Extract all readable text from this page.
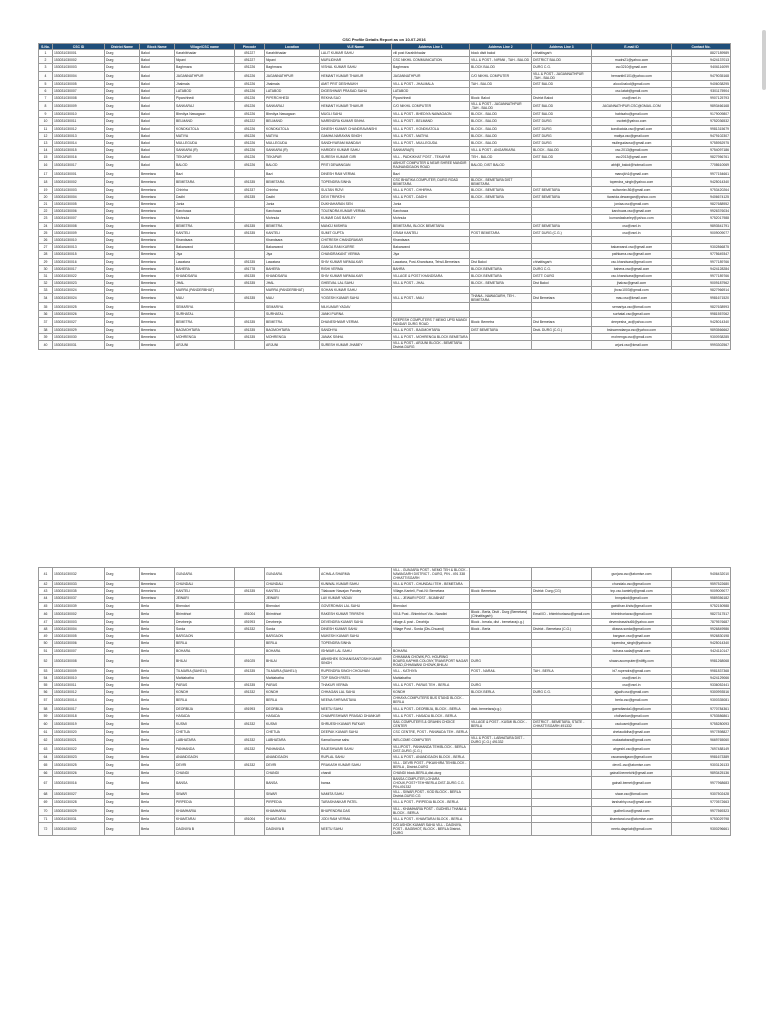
CSC Profile Details Report as on 10-07-2016
S.No.	CSC ID	District Name	Block Name	Village/CSC name	Pincode	Location	VLE Name	Address Line 1	Address Line 2	Address Line 3	E-mail ID	Contact No.
1	153031030001	Durg	Balod	Karahibhadar	491227	Karahibhadar	LALIT KUMAR SAHU	vill post Karahibhadar	block distt balod	chhattisgarh		8827189989
2	153031030002	Durg	Balod	Nipani	491227	Nipani	MURLIDHAR	CSC NIKHIL COMMUNICATION	VILL & POST - NIPANI , TAH - BALOD	DISTRICT BALOD	mudrs21@yahoo.com	9424137013
3	153031030003	Durg	Balod	Baghmara	491226	Baghmara	VISHAL KUMAR SAHU	Baghmara	BLOCK BALOD	DURG C.G.	csc3210@gmail.com	9406116099
4	153031030004	Durg	Balod	JAGANNATHPUR	491226	JAGANNATHPUR	HEMANT KUMAR THAKUR	JAGANNATHPUR	C/O NIKHIL COMPUTER	VILL & POST - JAGANNATHPUR ,TAH - BALOD	hemanth0101@yahoo.com	9479035168
5	153031030005	Durg	Balod	Jhalmala	491226	Jhalmala	AMIT PRIT DESHMUKH	VILL & POST - JHALMALA	TAH - BALOD	DIST BALOD	alood.balod@gmail.com	9406038295
6	153031030007	Durg	Balod	LATABOD	491226	LATABOD	DIGESHWAR PRASAD SAHU	LATABOD			csc.latab@gmail.com	9301175904
7	153031030008	Durg	Balod	Piparchhedi	491226	PIPERCHHEDI	REKHA SAO	Piparchhedi	Block: Balod	District Balod	csc@vsnl.in	9907125793
8	153031030009	Durg	Balod	SANKARAJ	491226	SANKARAJ	HEMANT KUMAR THAKUR	C/O NIKHIL COMPUTER	VILL & POST - JAGANNATHPUR ,TAH - BALOD	DIST BALOD	JAGANNATHPUR.CSC@GMAIL.COM	9893466168
9	153031030010	Durg	Balod	Bhediya Nawagaon	491226	Bhediya Nawagaon	MUGLI SAHU	VILL & POST - BHEDIYA NAWAGAON	BLOCK - BALOD	DIST BALOD	habisahu@gmail.com	9179009807
10	153031030011	Durg	Balod	BELMAND	491222	BELMAND	NARENDRA KUMAR SINHA	VILL & POST - BELMAND	BLOCK - BALOD	DIST DURG	cscbel@yahoo.com	9752036532
11	153031030012	Durg	Balod	KONDKATOLA	491226	KONDKATOLA	DINESH KUMAR CHANDRAVANSHI	VILL & POST - KONDKATOLA	BLOCK - BALOD	DIST DURG	kondkatola.csc@gmail.com	9981315679
12	153031030013	Durg	Balod	MATIYA	491226	MATIYA	GAMHA NARAYAN SINGH	VILL & POST - MATIYA	BLOCK - BALOD	DIST DURG	matiya.csc@gmail.com	9479102307
13	153031030014	Durg	Balod	MULLEGUDA	491226	MULLEGUDA	SANDHYARAM MANDAVI	VILL & POST - MULLEGUDA	BLOCK - BALOD	DIST DURG	mullegudacsc@gmail.com	9755952975
14	153031030015	Durg	Balod	SANKARA (R)	491226	SANKARA (R)	HARIDEV KUMAR SAHU	SANKARA(R)	VILL & POST - ANGARKARA	BLOCK - BALOD	csc.2013@gmail.com	9754097186
15	153031030016	Durg	Balod	TEKAPAR	491226	TEKAPAR	SURESH KUMAR GIRI	VILL - PADKIKHAT POST - TEKAPAR	TEH - BALOD	DIST BALOD	csc2013@gmail.com	9827956761
16	153031030017	Durg	Balod	BALOD	491226	BALOD	PRITI DEWANGAN	ABHIJIT COMPUTER & NEAR SHREE MANDIR RAJNANDGAON ROAD	BALOD, DIST BALOD		abhijit_balod@hotmail.com	7708610069
17	153031030001	Durg	Bemetara	Bazi		Bazi	DINESH RAM VERMA	Bazi			manojkh1@gmail.com	9977154661
18	153031030002	Durg	Bemetara	BEMETARA	491335	BEMETARA	TOPENDRA SINHA	CSC BHATIKA COMPUTER, DURG ROAD BEMETARA	BLOCK - BEMETARA DIST BEMETARA		topendra_singh@yahoo.com	9425014340
19	153031030003	Durg	Bemetara	Chhirha	491337	Chhirha	SULTAN RIZVI	VILL & POST - CHHIRHA	BLOCK - BEMETARA	DIST BEMETARA	sultanrizv.86@gmail.com	9753420264
20	153031030004	Durg	Bemetara	Dadhi	491335	Dadhi	DEVI TRIPATHI	VILL & POST - DADHI	BLOCK - BEMETARA	DIST BEMETARA	tiwarida.dewangan@yahoo.com	9406674125
21	153031030005	Durg	Bemetara	Jonia		Jonia	DUKHAHARAN SEN	Jonia			joniaa.csc@gmail.com	9827688952
22	153031030006	Durg	Bemetara	Karchuwa		Karchuwa	TOLENDRA KUMAR VERMA	Karchuwa			karchuwa.csc@gmail.com	9926376034
23	153031030007	Durg	Bemetara	Mohnula		Mohnula	KUMAR DAS BARLEY	Mohnula			kumardasbarley@yahoo.com	9752017988
24	153031030008	Durg	Bemetara	BEMETRA	491335	BEMETRA	MANOJ MISHRA	BEMETARA, BLOCK BEMETARA		DIST BEMETARA	csc@vsnl.in	9893541791
25	153031030009	Durg	Bemetara	KANTELI	491335	KANTELI	SUMIT GUPTA	GRAM KANTELI	POST BEMETARA	DIST DURG (C.G.)	csc@vsnl.in	9009009077
26	153031030010	Durg	Bemetara	Khandsara		Khandsara	CHITRESH CHANDRAKAR	Khandsara				
27	153031030013	Durg	Bemetara	Bakarwand		Bakarwand	GANGA RAM KURRE	Bakarwand			bakarwand.csc@gmail.com	9302866875
28	153031030015	Durg	Bemetara	Jiya		Jiya	CHANDRAKANT VERMA	Jiya			pathkarra.csc@gmail.com	9775649347
29	153031030016	Durg	Bemetara	Lawatara	491335	Lawatara	SHIV KUMAR NIRMALKAR	Lawatara, Post-Khandsara, Tehsil-Bemetara	Dist Balod	chhattisgarh	csc.khandsara@gmail.com	9977189766
30	153031030017	Durg	Bemetara	BAHERA	491778	BAHERA	RISHI VERMA	BAHRA	BLOCK BEMETARA	DURG C.G.	bahera.csc@gmail.com	9424128284
31	153031030022	Durg	Bemetara	KHANDSARA	491335	KHANDSARA	SHIV KUMAR NIRMALKAR	VILLAGE & POST KHANDSARA	BLOCK BEMETARA	DISTT: DURG	csc.khandsara@gmail.com	9977189766
32	153031030023	Durg	Bemetara	JHAL	491335	JHAL	GHEEVAL LAL SAHU	VILL & POST - JHAL	BLOCK - BEMETARA	Dist Balod	jhalcsc@gmail.com	9009187962
33	153031030024	Durg	Bemetara	MARRA (PANDERBHAT)		MARRA (PANDERBHAT)	SOHAN KUMAR SAHU				jbcsc1003@gmail.com	9827966914
34	153031030024	Durg	Bemetara	MAU	491335	MAU	YOGESH KUMAR SAHU	VILL & POST - MAU	THANA - NAWAGARH, TEH - BEMETARA	Dist Bemetara	mau.csc@kmail.com	9981671520
35	153031030025	Durg	Bemetara	SEMARIYA		SEMARIYA	NILKUMAR YADAV				semariya.csc@kmail.com	9827638993
36	153031030026	Durg	Bemetara	SURHATAL		SURHATAL	JANKI PURNA				surhatal.csc@gmail.com	9981557062
37	153031030027	Durg	Bemetara	BEMETRA	491335	BEMETRA	DHANESHWAR VERMA	DEEPESH COMPUTERS 7 MEMO UPSI MANDI PANDAR DURG ROAD	Block: Bemetra	Dist Bemetara	deepesha_ac@yahoo.com	9425014340
38	153031030029	Durg	Bemetara	BAGMOHTARA	491335	BAGMOHTARA	SANDHYA	VILL & POST - BAGMOHTARA	DIST BEMETARA	Distt- DURG (C.G.)	bsksamndanya.csc@yahoo.com	9893566662
39	153031030030	Durg	Bemetara	MOHRENGA	491335	MOHRENGA	JANAK SINHA	VILL & POST - MOHRENGA BLOCK BEMETARA			mohrenga.csc@gmail.com	9300938285
40	153031030031	Durg	Bemetara	ARJUNI		ARJUNI	SURESH KUMAR JHABEY	VILL & POST - ARJUNI BLOCK - BEMETARA District-DURG			arjuni.csc@kmail.com	9993302567
41	153031030032	Durg	Bemetara	GUNJARA		GUNJARA	ACHALA SHARMA	VILL - GUNJARA POST - NEMO TEH & BLOCK - NAWAGARH DISTRICT - DURG, PIN - 491 338 CHHATTISGARH			gunjara.csc@atomise.com	9406432010
42	153031030033	Durg	Bemetara	CHUNDALI		CHUNDALI	KUNWAL KUMAR SAHU	VILL & POST - CHUNDALI TEH - BEMETARA			chundalu.csc@gmail.com	9597522680
43	153031030035	Durg	Bemetara	KANTELI	491335	KANTELI	Tilakuwar Navajan Pandey	Village-Kanteli, Post-Ni: Bemetara	Block: Bemetara	District: Durg (CG)	tnp.csc.kanteliy@gmail.com	9009009077
44	153031030037	Durg	Bemetara	JEWARI		JEWARI	LAV KUMAR YADAV	VILL - JEWARI POST - BIJABHAT			bnnpalod@gmail.com	9589356182
45	153031030039	Durg	Berla	Bhendari		Bhendari	GOVERDHAN LAL SAHU	Bhendari			gaeidhan.khds@gmail.com	9752150988
46	153031030002	Durg	Berla	Bhimbhori	491004	Bhimbhori	RAKESH KUMAR TRIPATHI	Vill & Post - Bhimbhori Via - Nandini	Block - Berla, Distt - Durg (Bemetara) (Chhattisgarh)	Email ID - bhimbhoriacsc@gmail.com	bhimbhoriacsc@gmail.com	9827317517
47	153031030003	Durg	Berla	Devrbeeja	491993	Devrbeeja	DEVENDRA KUMAR SAHU	village & post - Deorbija	Block - berala, dist - bemetara(c.g.)		devendrasahu66@yahoo.com	7879576687
48	153031030004	Durg	Berla	Sorda	491332	Sorda	DINESH KUMAR SAHU	Village Post - Sorda (Dis-Chuand)	Block - Berla	District - Bemetara (C.G.)	dkssss.sorda@gmail.com	9926849986
49	153031030005	Durg	Berla	BARGAON		BARGAON	MUKESH KUMAR SAHU				bargaon.csc@gmail.com	9926830198
50	153031030006	Durg	Berla	BERLA		BERLA	TOPENDRA SINHA				topendra_singh@yahoo.in	9425014340
51	153031030007	Durg	Berla	BOHARA		BOHARA	ISHWAR LAL SAHU	BOHARA			bohara.sada@gmail.com	9424110147
52	153031030008	Durg	Berla	BHILAI	491025	BHILAI	ABHISHEK SOHAN/SANTOSH KUMAR SINGH	CHHAMAN CHOWK,PO- HOURING BOARD,KAPHIB COLONY,TRANSPORT NAGAR ROAD,CHHAWANI CHOWK,BHILAI	DURG		shaan.acomputer@rdiffg.com	9981268068
53	153031030009	Durg	Berla	TILMARIA (BAHELI)	491335	TILMARIA (BAHELI)	RUPENDRA SINGH CHOUHAN	VILL - KATHIYA	POST - NARAIL	TAH - BERLA	bi7.rupendra@gmail.com	9981837368
54	153031030010	Durg	Berla	Mahlabatha		Mahlabatha	TOP SINGH PATEL	Mahlabatha			csc@vsnl.in	9424129066
55	153031030011	Durg	Berla	PARAS	491335	PARAS	THAKUR VERMA	VILL & POST - PARAS TEH - BERLA	DURG		csc@vsnl.in	9336052441
56	153031030012	Durg	Berla	KONDH	491332	KONDH	CHHAGAN LAL SAHU	KONDH	BLOCK BERLA	DURG C.G.	ajjadh.csc@gmail.com	9300993516
57	153031030014	Durg	Berla	BERLA		BERLA	NEENA SHRIVASTAVA	CHHAYA COMPUTERS BUS STAND BLOCK - BERLA			berla.csc@gmail.com	9300335081
58	153031030017	Durg	Berla	DEORBIJA	491993	DEORBIJA	NEETU SAHU	VILL & POST - DEORBIJA, BLOCK - BERLA	distt- bemetara(c.g.)		gaendtanda1@gmail.com	9770784361
59	153031030018	Durg	Berla	HASADA		HASADA	CHAMPESHWAR PRASAD DHANKAR	VILL & POST - HASADA BLOCK - BERLA			chdhankar@gmail.com	9753586861
60	153031030019	Durg	Berla	KUSMI	491332	KUSMI	SHRUESH KUMAR PATKAR	SAIL COMPUTER'S & GRAHIN CHOICE CENTER	VILLAGE & POST - KUSMI BLOCK - BERLA	DISTRICT - BEMETARA, STATE - CHHATTISGARH 491332	csckusmi@gmail.com	9755280093
61	153031030020	Durg	Berla	CHETUA		CHETUA	DEEPAK KUMAR SAHU	CSC CENTRE, POST - PANWADA TEH - BERLA			chetaudidha@gmail.com	9977898827
62	153031030021	Durg	Berla	LABHATARA	491332	LABHATARA	Kamal kumar sahu	WELCOME COMPUTER	VILL & POST - LABHATARA DIST - DURG (C.G.) 491332		csclaatabara@gmail.com	9669765060
63	153031030022	Durg	Berla	PANHANDA	491332	PANHANDA	RAJESHWARI SAHU	VILL/POST - PANHANDA TEH/BLOCK - BERLA DIST-DURG (C.G.)			ahgeshl.csc@gmail.com	7697488149
64	153031030023	Durg	Berla	ANANDGAON		ANANDGAON	RUPLAL SAHU	VILL & POST - ANANDGAON BLOCK - BERLA			cscanandgaon@gmail.com	9981673389
65	153031030025	Durg	Berla	DEVRI	491332	DEVRI	PRAKASH KUMAR SAHU	VILL - DEVRI POST - PIKAKHIRA TEH/BLOCK - BERLA , District-DURG			devri1.csc@atomise.com	9303126133
66	153031030026	Durg	Berla	CHANDI		CHANDI	chandi	CHANDI block-BERLA,dist-durg			gainali.bemetchl@gmail.com	9893425136
67	153031030016	Durg	Berla	BANSA		BANSA	bansa	BANSA COMPUTER,LOHARA CHOUK,POST+TEH+BERLA DIST-DURG C.G. PIN-491332			gainali.bemet@gmail.com	9977968683
68	153031030027	Durg	Berla	SIWAR		SIWAR	NAMITA SAHU	VILL - SIWAR,POST - KOD BLOCK - BERLA District-DURG CG			siwar.csc@kmail.com	9307502428
69	153031030028	Durg	Berla	PIRPEDIA		PIRPEDIA	TARASHANKAR PATEL	VILL & POST - PIRPEDIA BLOCK - BERLA			tarshabhy.csc@gmail.com	9770572663
70	153031030029	Durg	Berla	KHAMHARIA		KHAMHARIA	BHUPENDRA DAS	VILL - KHAMHARIA POST - GUDHELI THANA & BLOCK - BERLA			gudheli.csc@gmail.com	9977569323
71	153031030031	Durg	Berla	KHAMTARAI	491004	KHAMTARAI	JODI RAM VERMA	VILL & POST - KHAMTARAI BLOCK - BERLA			khamtarai.csc@atomise.com	9753029798
72	153031030032	Durg	Berla	DAGNIYA B		DAGNIYA B	NEETU SAHU	C/O ASHOK KUMAR SAHU VILL - DAGNIYA, POST - BAGBHOT, BLOCK - BERLA District-DURG			neetu.dagniab@gmail.com	9300296661
